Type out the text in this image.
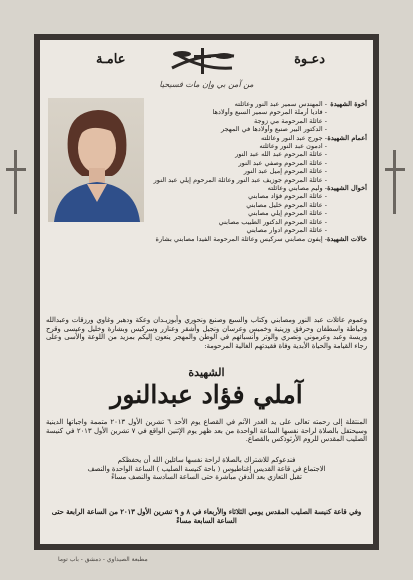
دعـوة
عامـة
من آمن بي وإن مات فسيحيا
أخوة الشهيدة
- المهندس سمير عبد النور وعائلته
- فاديا أرملة المرحوم سمير السبع وأولادها
- عائلة المرحومة مي زوجة
- الدكتور البير صنبع وأولادها في المهجر
أعمام الشهيدة
- جورج عبد النور وعائلته
- ادمون عبد النور وعائلته
- عائلة المرحوم عبد الله عبد النور
- عائلة المرحوم وصفي عبد النور
- عائلة المرحوم إميل عبد النور
- عائلة المرحوم جوزيف عبد النور وعائلة المرحوم إيلي عبد النور
أخوال الشهيدة
- وليم مصابني وعائلته
- عائلة المرحوم فؤاد مصابني
- عائلة المرحوم خليل مصابني
- عائلة المرحوم إيلي مصابني
- عائلة المرحوم الدكتور الطبيب مصابني
- عائلة المرحوم ادوار مصابني
خالات الشهيدة
- إيفون مصابني سركيس وعائلة المرحومة الفيدا مصابني بشارة
وعموم عائلات عبد النور ومصابني وكتاب والسبع وصنبع ونحوري وأبوزيـدان وعكة ودهبر وغاوي ورزقات وعبدالله وخياطة واسطفان وحرفق وزينية وخميس وعرسان ونجيل وأشقر وعنازر وسركيس وبشارة وخليل وعيسى وقرح وريسة وعبد وعرموني ونصري والوتر وأنسبائهم في الوطن والمهجر ينعون إليكم بمزيد من اللوعة والأسى وعلى رجاء القيامة والحياة الأبدية وفاة فقيدتهم الغالية المرحومة:
الشهيدة
آملي فؤاد عبدالنور
المنتقلة إلى رحمته تعالى على يد الغدر الآثم في القصاع يوم الأحد ٦ تشرين الأول ٢٠١٣ متممة واجباتها الدينية وسيحتفل بالصلاة لراحة نفسها الساعة الواحدة من بعد ظهر يوم الإثنين الواقع في ٧ تشرين الأول ٢٠١٣ في كنيسة الصليب المقدس للروم الأرثوذكس بالقصاع.
فندعوكم للاشتراك بالصلاة لراحة نفسها سائلين الله أن يحفظكم
الاجتماع في قاعة القديس إغناطيوس ( باحة كنيسة الصليب ) الساعة الواحدة والنصف
تقبل التعازي بعد الدفن مباشرة حتى الساعة السادسة والنصف مساءً
وفي قاعة كنيسة الصليب المقدس يومي الثلاثاء والأربعاء في ٨ و ٩ تشرين الأول ٢٠١٣ من الساعة الرابعة حتى الساعة السابعة مساءً
مطبعة الصيداوي - دمشق - باب توما
